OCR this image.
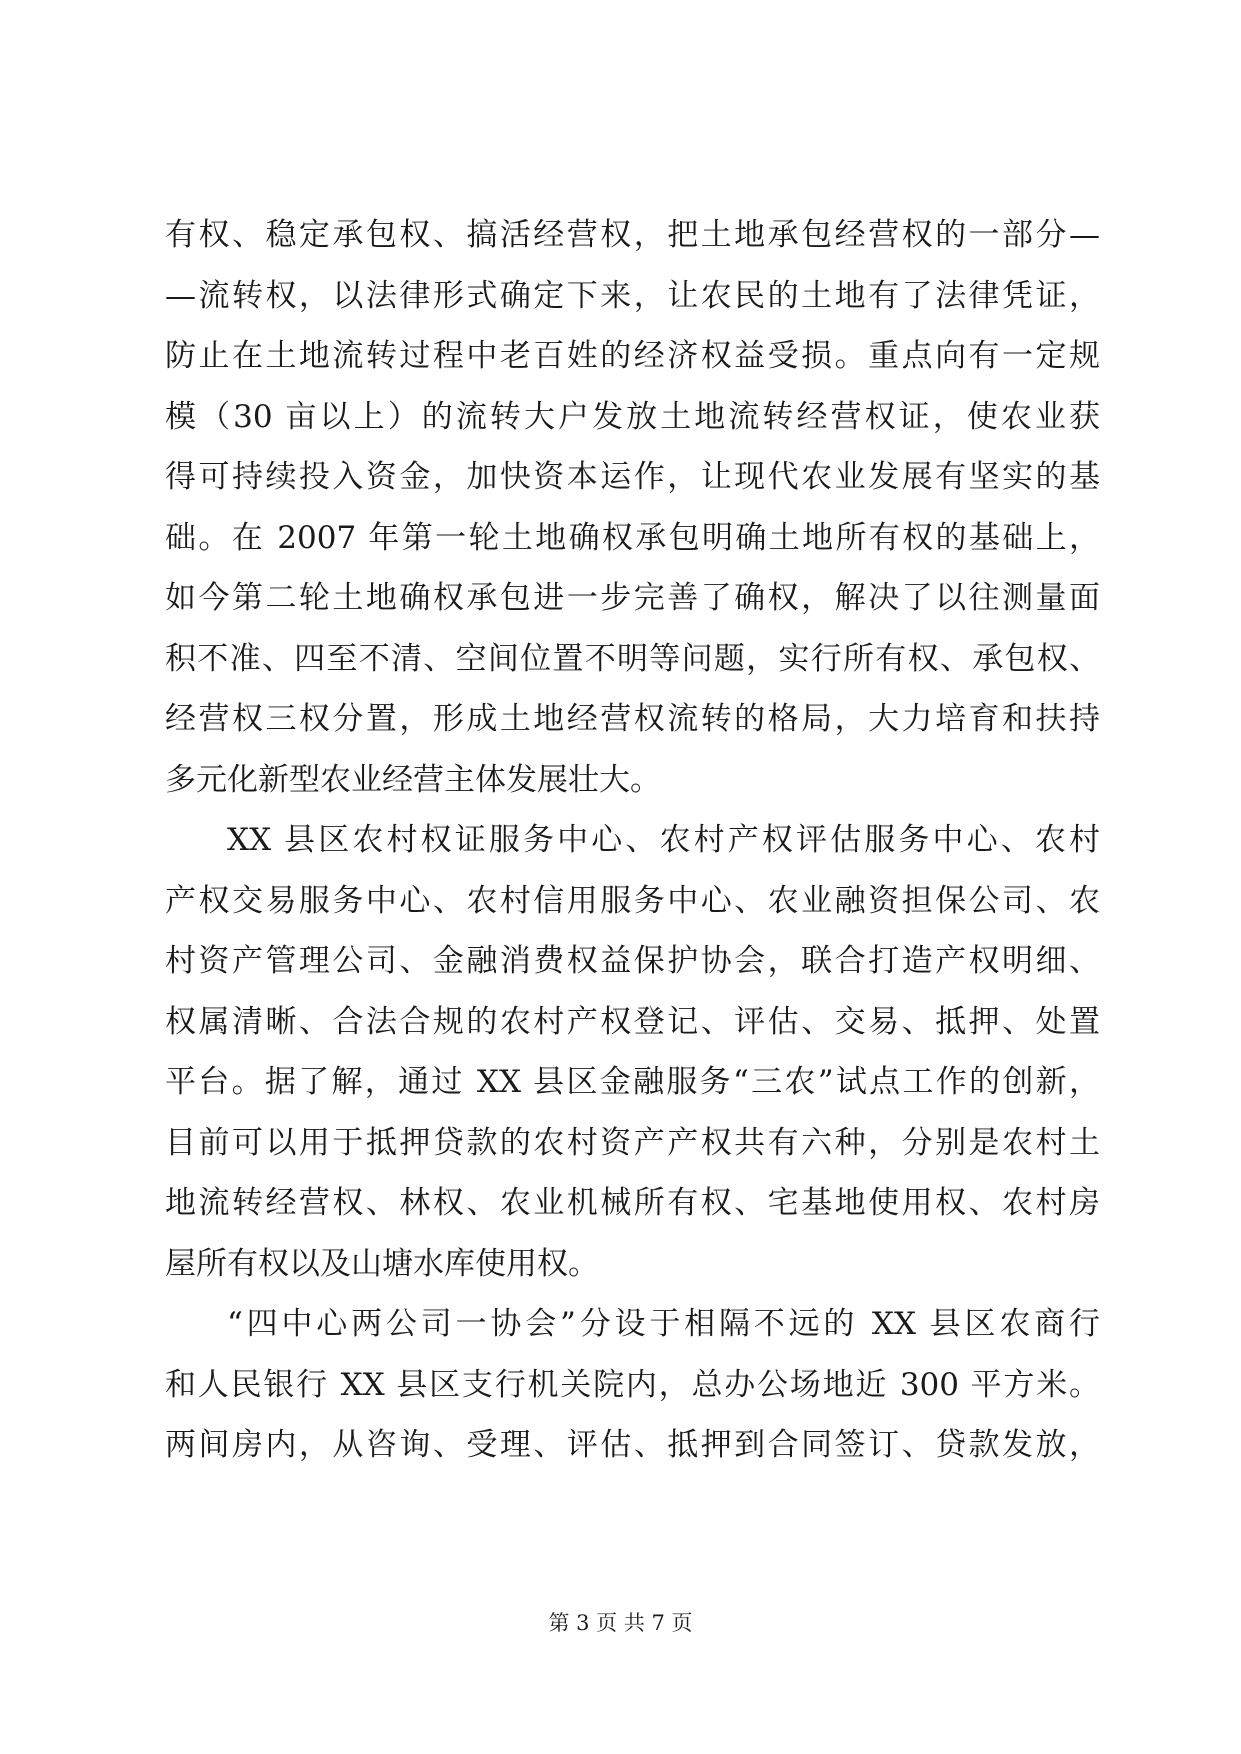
有权、稳定承包权、搞活经营权，把土地承包经营权的一部分—
—流转权，以法律形式确定下来，让农民的土地有了法律凭证，
防止在土地流转过程中老百姓的经济权益受损。重点向有一定规
模（30 亩以上）的流转大户发放土地流转经营权证，使农业获
得可持续投入资金，加快资本运作，让现代农业发展有坚实的基
础。在 2007 年第一轮土地确权承包明确土地所有权的基础上，
如今第二轮土地确权承包进一步完善了确权，解决了以往测量面
积不准、四至不清、空间位置不明等问题，实行所有权、承包权、
经营权三权分置，形成土地经营权流转的格局，大力培育和扶持
多元化新型农业经营主体发展壮大。
XX 县区农村权证服务中心、农村产权评估服务中心、农村
产权交易服务中心、农村信用服务中心、农业融资担保公司、农
村资产管理公司、金融消费权益保护协会，联合打造产权明细、
权属清晰、合法合规的农村产权登记、评估、交易、抵押、处置
平台。据了解，通过 XX 县区金融服务“三农”试点工作的创新，
目前可以用于抵押贷款的农村资产产权共有六种，分别是农村土
地流转经营权、林权、农业机械所有权、宅基地使用权、农村房
屋所有权以及山塘水库使用权。
“四中心两公司一协会”分设于相隔不远的 XX 县区农商行
和人民银行 XX 县区支行机关院内，总办公场地近 300 平方米。
两间房内，从咨询、受理、评估、抵押到合同签订、贷款发放，
第 3 页 共 7 页
